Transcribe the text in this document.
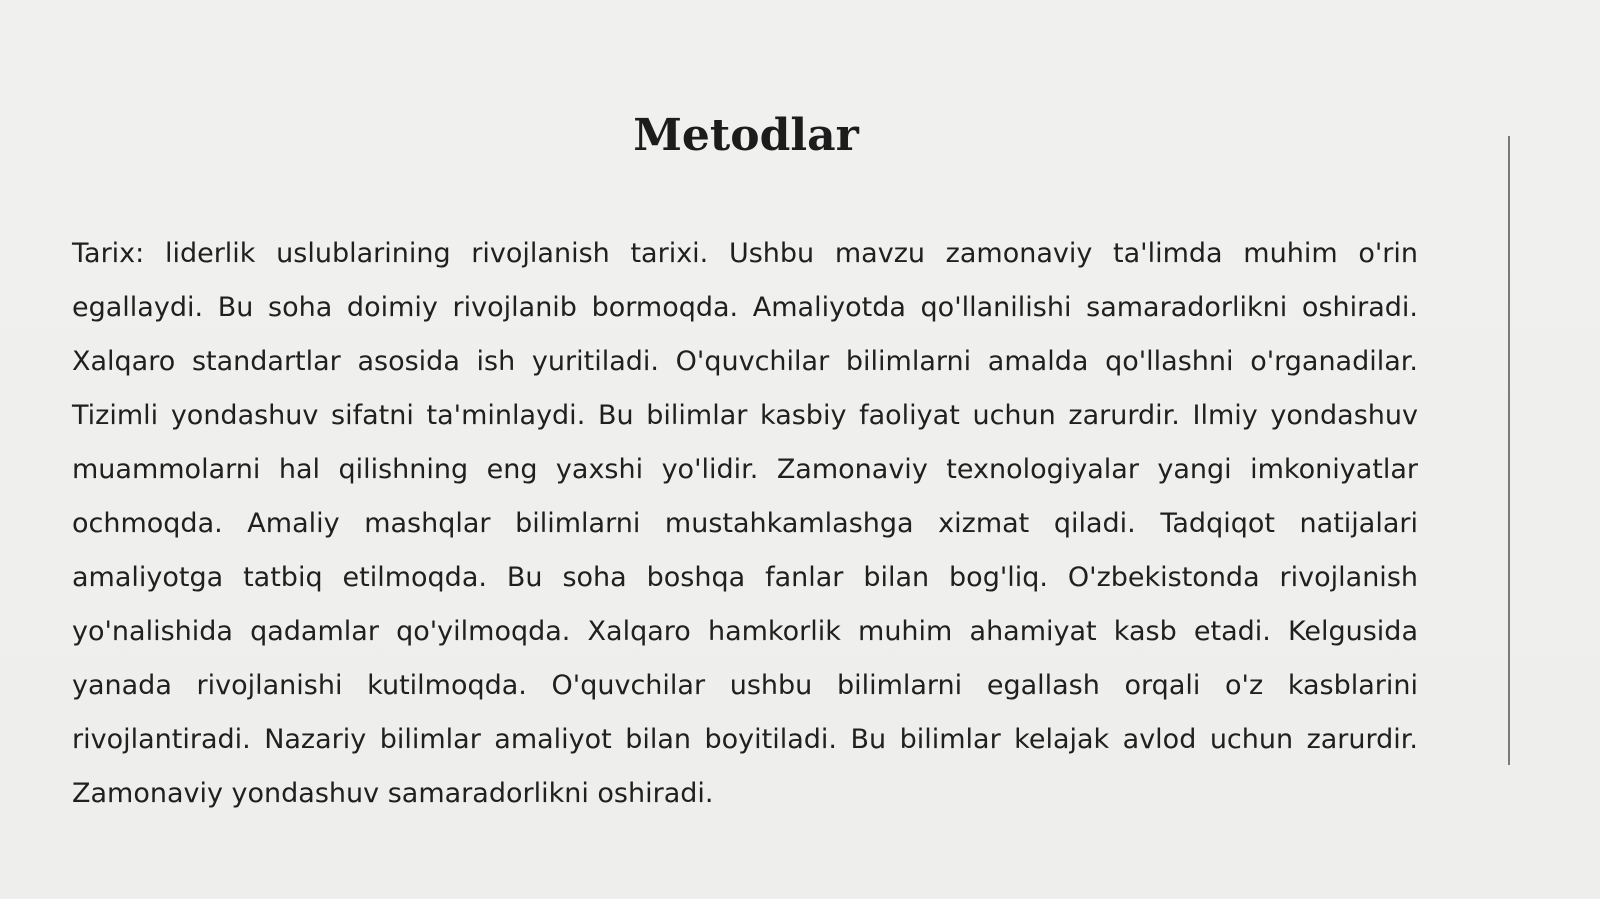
Metodlar

Tarix: liderlik uslublarining rivojlanish tarixi. Ushbu mavzu zamonaviy ta'limda muhim o'rin egallaydi. Bu soha doimiy rivojlanib bormoqda. Amaliyotda qo'llanilishi samaradorlikni oshiradi. Xalqaro standartlar asosida ish yuritiladi. O'quvchilar bilimlarni amalda qo'llashni o'rganadilar. Tizimli yondashuv sifatni ta'minlaydi. Bu bilimlar kasbiy faoliyat uchun zarurdir. Ilmiy yondashuv muammolarni hal qilishning eng yaxshi yo'lidir. Zamonaviy texnologiyalar yangi imkoniyatlar ochmoqda. Amaliy mashqlar bilimlarni mustahkamlashga xizmat qiladi. Tadqiqot natijalari amaliyotga tatbiq etilmoqda. Bu soha boshqa fanlar bilan bog'liq. O'zbekistonda rivojlanish yo'nalishida qadamlar qo'yilmoqda. Xalqaro hamkorlik muhim ahamiyat kasb etadi. Kelgusida yanada rivojlanishi kutilmoqda. O'quvchilar ushbu bilimlarni egallash orqali o'z kasblarini rivojlantiradi. Nazariy bilimlar amaliyot bilan boyitiladi. Bu bilimlar kelajak avlod uchun zarurdir. Zamonaviy yondashuv samaradorlikni oshiradi.
